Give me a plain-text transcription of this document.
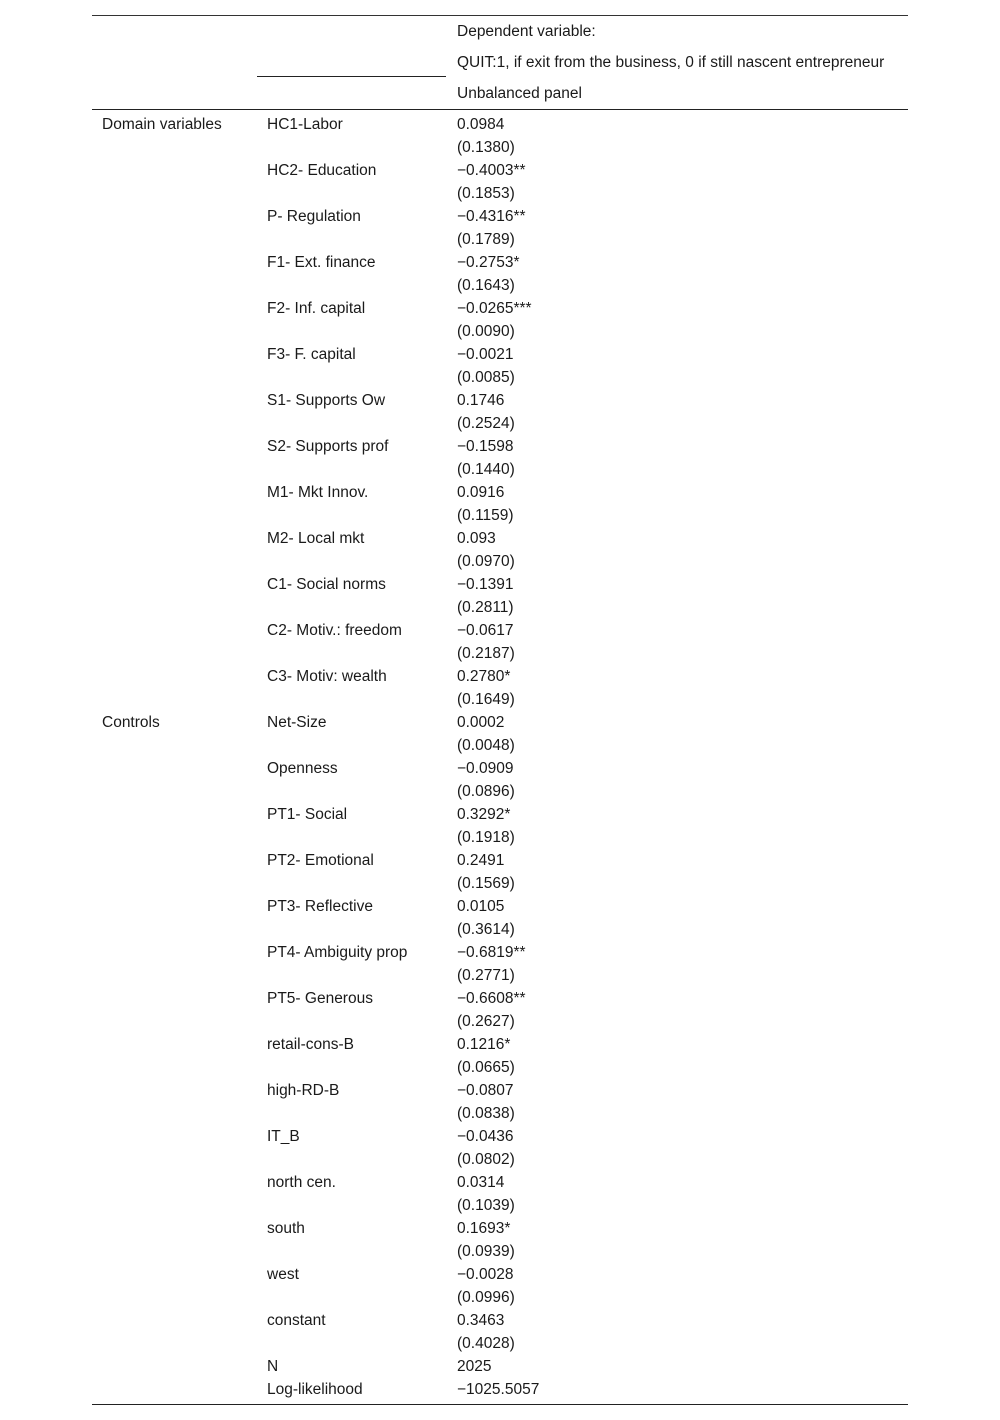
Dependent variable:
QUIT:1, if exit from the business, 0 if still nascent entrepreneur
Unbalanced panel
Domain variables	HC1-Labor	0.0984
(0.1380)
HC2- Education	−0.4003**
(0.1853)
P- Regulation	−0.4316**
(0.1789)
F1- Ext. finance	−0.2753*
(0.1643)
F2- Inf. capital	−0.0265***
(0.0090)
F3- F. capital	−0.0021
(0.0085)
S1- Supports Ow	0.1746
(0.2524)
S2- Supports prof	−0.1598
(0.1440)
M1- Mkt Innov.	0.0916
(0.1159)
M2- Local mkt	0.093
(0.0970)
C1- Social norms	−0.1391
(0.2811)
C2- Motiv.: freedom	−0.0617
(0.2187)
C3- Motiv: wealth	0.2780*
(0.1649)
Controls	Net-Size	0.0002
(0.0048)
Openness	−0.0909
(0.0896)
PT1- Social	0.3292*
(0.1918)
PT2- Emotional	0.2491
(0.1569)
PT3- Reflective	0.0105
(0.3614)
PT4- Ambiguity prop	−0.6819**
(0.2771)
PT5- Generous	−0.6608**
(0.2627)
retail-cons-B	0.1216*
(0.0665)
high-RD-B	−0.0807
(0.0838)
IT_B	−0.0436
(0.0802)
north cen.	0.0314
(0.1039)
south	0.1693*
(0.0939)
west	−0.0028
(0.0996)
constant	0.3463
(0.4028)
N	2025
Log-likelihood	−1025.5057
